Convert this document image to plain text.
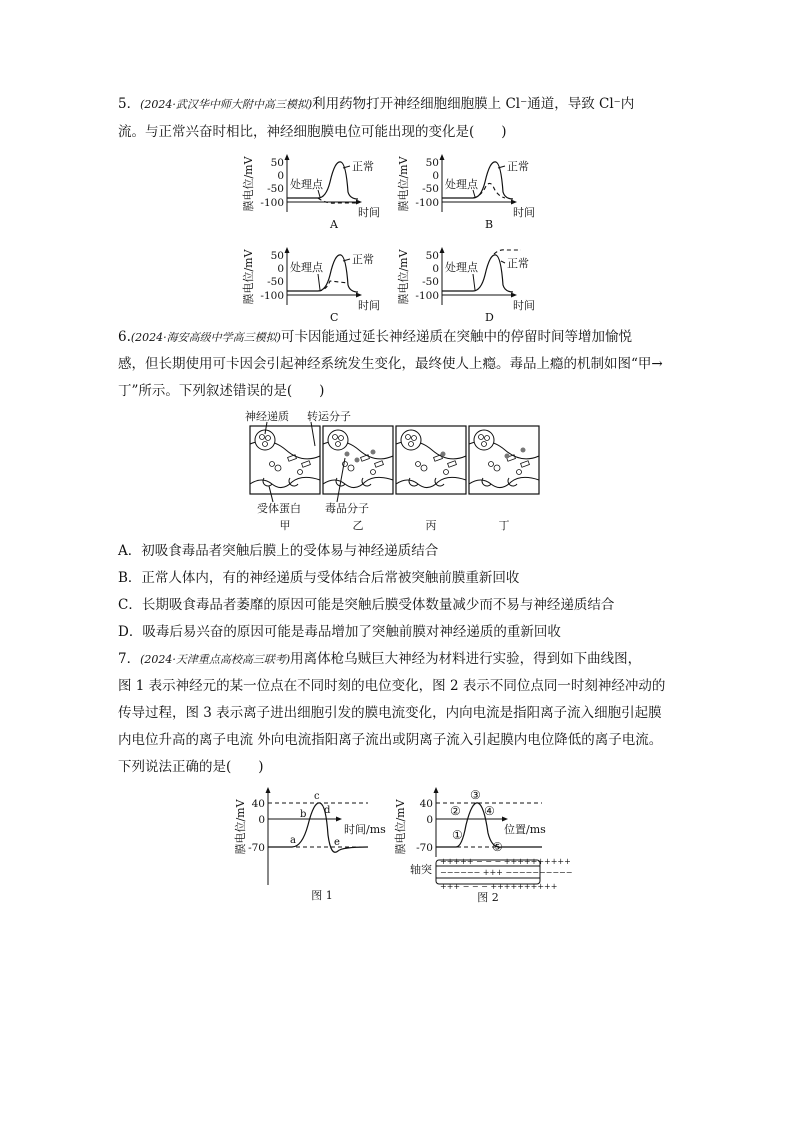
5．(2024·武汉华中师大附中高三模拟)利用药物打开神经细胞细胞膜上 Cl⁻通道，导致 Cl⁻内
流。与正常兴奋时相比，神经细胞膜电位可能出现的变化是(　　)
膜电位/mV 50
0
-50
-100
处理点
正常
时间
A
膜电位/mV 50
0
-50
-100
处理点
正常
时间
B
膜电位/mV 50
0
-50
-100
处理点
正常
时间
C
膜电位/mV 50
0
-50
-100
处理点	正常
时间
D
6.(2024·海安高级中学高三模拟)可卡因能通过延长神经递质在突触中的停留时间等增加愉悦
感，但长期使用可卡因会引起神经系统发生变化，最终使人上瘾。毒品上瘾的机制如图“甲→
丁”所示。下列叙述错误的是(　　)
神经递质 转运分子
受体蛋白 毒品分子
甲	乙	丙	丁
A．初吸食毒品者突触后膜上的受体易与神经递质结合
B．正常人体内，有的神经递质与受体结合后常被突触前膜重新回收
C．长期吸食毒品者萎靡的原因可能是突触后膜受体数量减少而不易与神经递质结合
D．吸毒后易兴奋的原因可能是毒品增加了突触前膜对神经递质的重新回收
7．(2024·天津重点高校高三联考)用离体枪乌贼巨大神经为材料进行实验，得到如下曲线图，
图 1 表示神经元的某一位点在不同时刻的电位变化，图 2 表示不同位点同一时刻神经冲动的
传导过程，图 3 表示离子进出细胞引发的膜电流变化，内向电流是指阳离子流入细胞引起膜
内电位升高的离子电流 外向电流指阳离子流出或阴离子流入引起膜内电位降低的离子电流。
下列说法正确的是(　　)
膜电位/mV 40
0
-70
a
b
c
d
e
时间/ms
图 1
膜电位/mV 40
0
-70
①
②
③
④
⑤
位置/ms
轴突
+++++ − − − ++++++++++
−−−−−− +++ −−−−−−−−−−
+++ − − − ++++++++++
图 2
